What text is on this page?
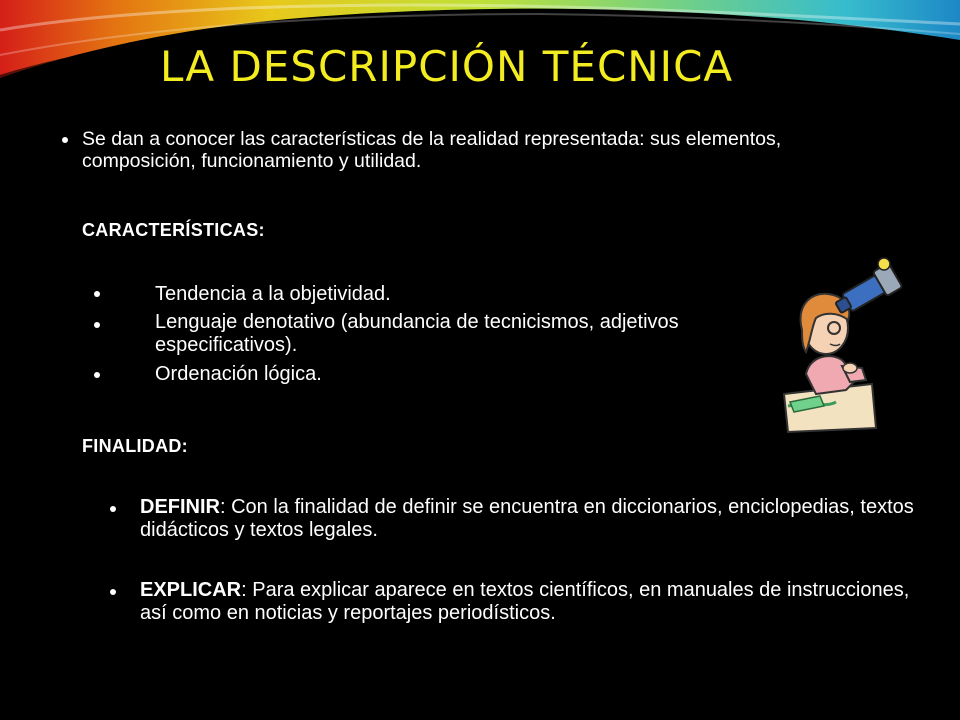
LA DESCRIPCIÓN TÉCNICA
Se dan a conocer las características de la realidad representada: sus elementos, composición, funcionamiento y utilidad.
CARACTERÍSTICAS:
Tendencia a la objetividad.
Lenguaje denotativo (abundancia de tecnicismos, adjetivos especificativos).
Ordenación lógica.
FINALIDAD:
DEFINIR: Con la finalidad de definir se encuentra en diccionarios, enciclopedias, textos didácticos y textos legales.
EXPLICAR: Para explicar aparece en textos científicos, en manuales de instrucciones, así como en noticias y reportajes periodísticos.
